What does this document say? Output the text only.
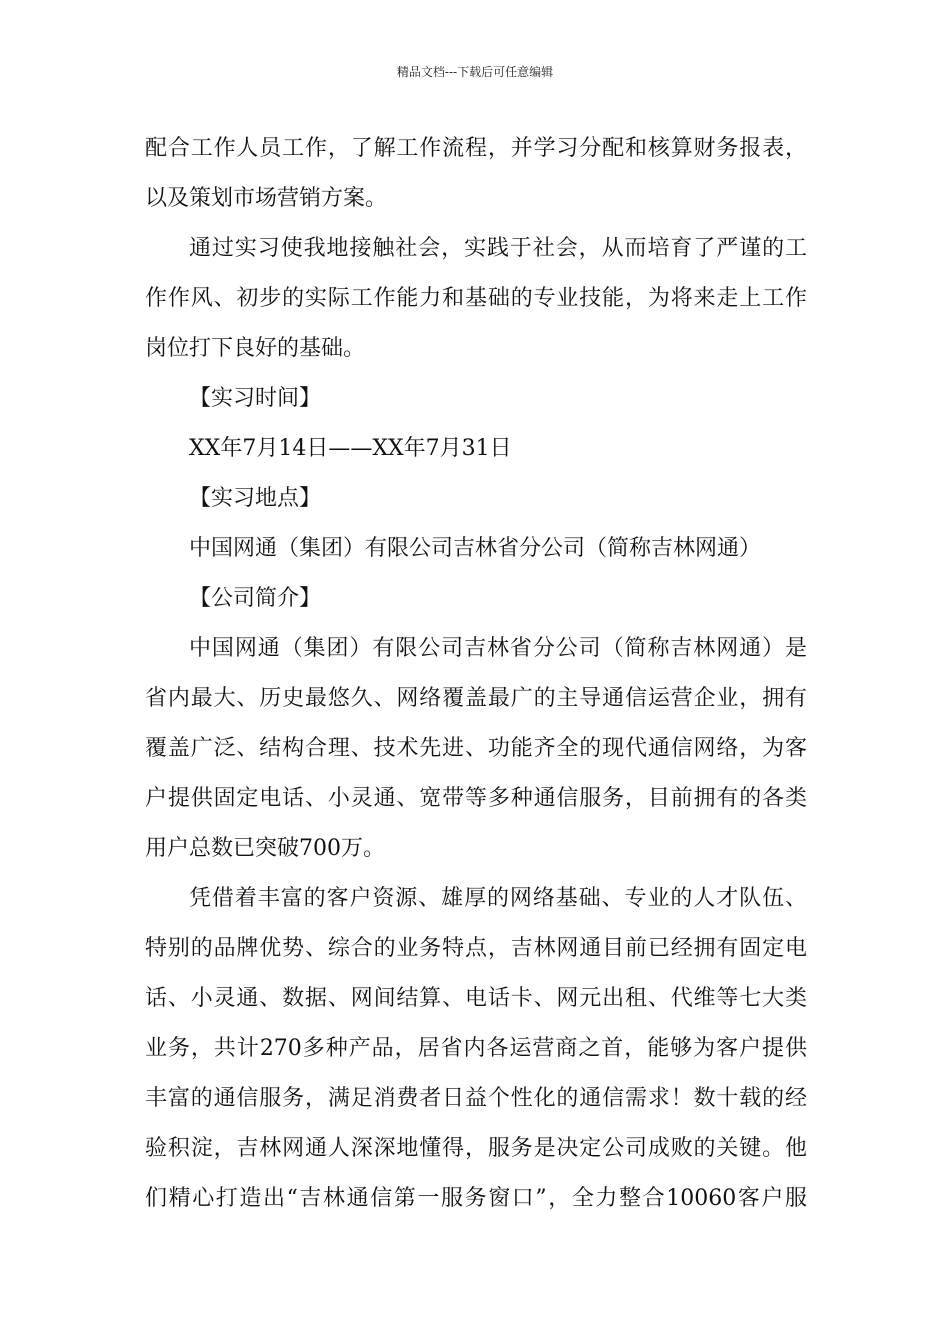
精品文档---下载后可任意编辑
配合工作人员工作，了解工作流程，并学习分配和核算财务报表，
以及策划市场营销方案。
通过实习使我地接触社会，实践于社会，从而培育了严谨的工
作作风、初步的实际工作能力和基础的专业技能，为将来走上工作
岗位打下良好的基础。
【实习时间】
XX年7月14日——XX年7月31日
【实习地点】
中国网通（集团）有限公司吉林省分公司（简称吉林网通）
【公司简介】
中国网通（集团）有限公司吉林省分公司（简称吉林网通）是
省内最大、历史最悠久、网络覆盖最广的主导通信运营企业，拥有
覆盖广泛、结构合理、技术先进、功能齐全的现代通信网络，为客
户提供固定电话、小灵通、宽带等多种通信服务，目前拥有的各类
用户总数已突破700万。
凭借着丰富的客户资源、雄厚的网络基础、专业的人才队伍、
特别的品牌优势、综合的业务特点，吉林网通目前已经拥有固定电
话、小灵通、数据、网间结算、电话卡、网元出租、代维等七大类
业务，共计270多种产品，居省内各运营商之首，能够为客户提供
丰富的通信服务，满足消费者日益个性化的通信需求！数十载的经
验积淀，吉林网通人深深地懂得，服务是决定公司成败的关键。他
们精心打造出“吉林通信第一服务窗口”，全力整合10060客户服
